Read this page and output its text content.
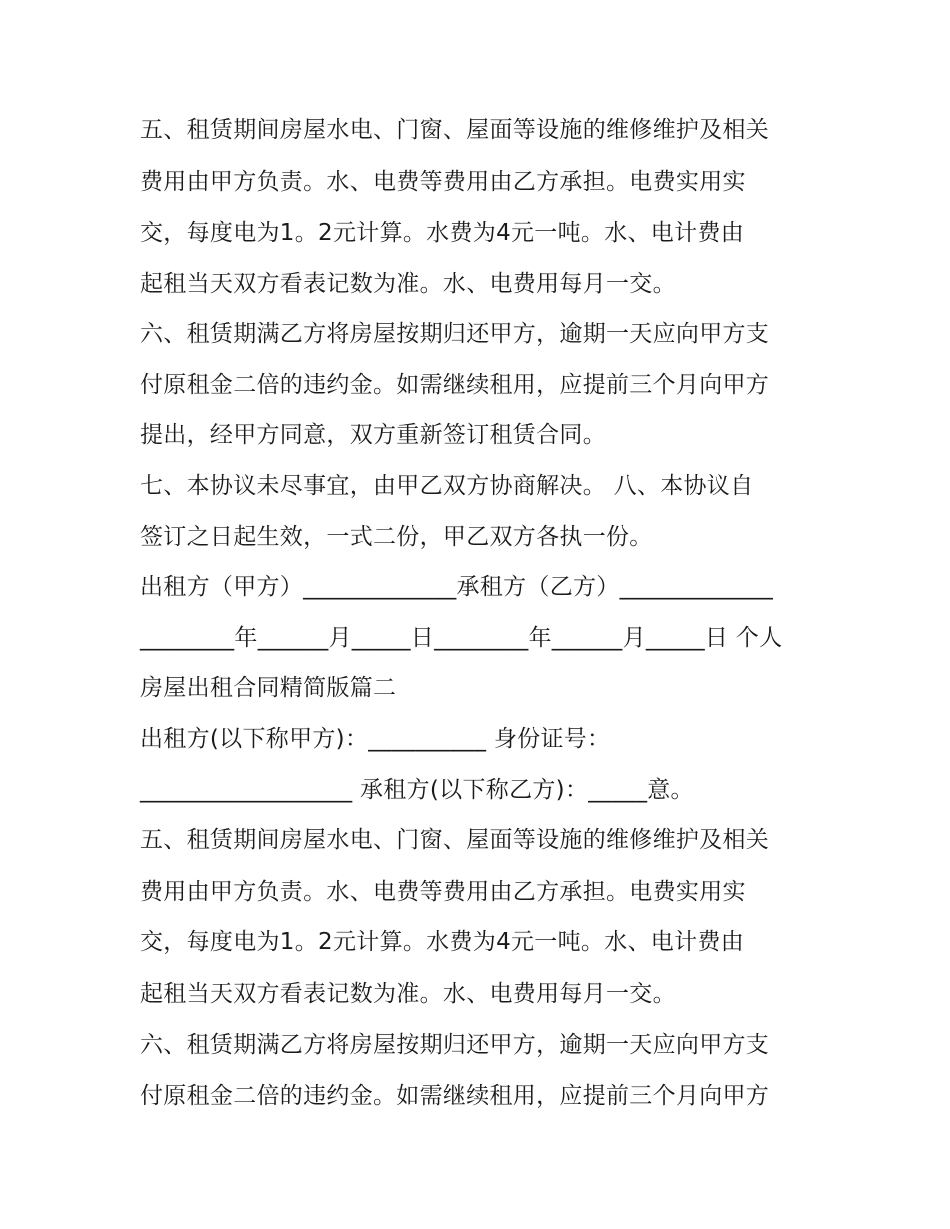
五、租赁期间房屋水电、门窗、屋面等设施的维修维护及相关
费用由甲方负责。水、电费等费用由乙方承担。电费实用实
交，每度电为1。2元计算。水费为4元一吨。水、电计费由
起租当天双方看表记数为准。水、电费用每月一交。
六、租赁期满乙方将房屋按期归还甲方，逾期一天应向甲方支
付原租金二倍的违约金。如需继续租用，应提前三个月向甲方
提出，经甲方同意，双方重新签订租赁合同。
七、本协议未尽事宜，由甲乙双方协商解决。 八、本协议自
签订之日起生效，一式二份，甲乙双方各执一份。
出租方（甲方）_____________承租方（乙方）_____________
________年______月_____日________年______月_____日 个人
房屋出租合同精简版篇二
出租方(以下称甲方)：__________ 身份证号：
__________________ 承租方(以下称乙方)：_____意。
五、租赁期间房屋水电、门窗、屋面等设施的维修维护及相关
费用由甲方负责。水、电费等费用由乙方承担。电费实用实
交，每度电为1。2元计算。水费为4元一吨。水、电计费由
起租当天双方看表记数为准。水、电费用每月一交。
六、租赁期满乙方将房屋按期归还甲方，逾期一天应向甲方支
付原租金二倍的违约金。如需继续租用，应提前三个月向甲方
